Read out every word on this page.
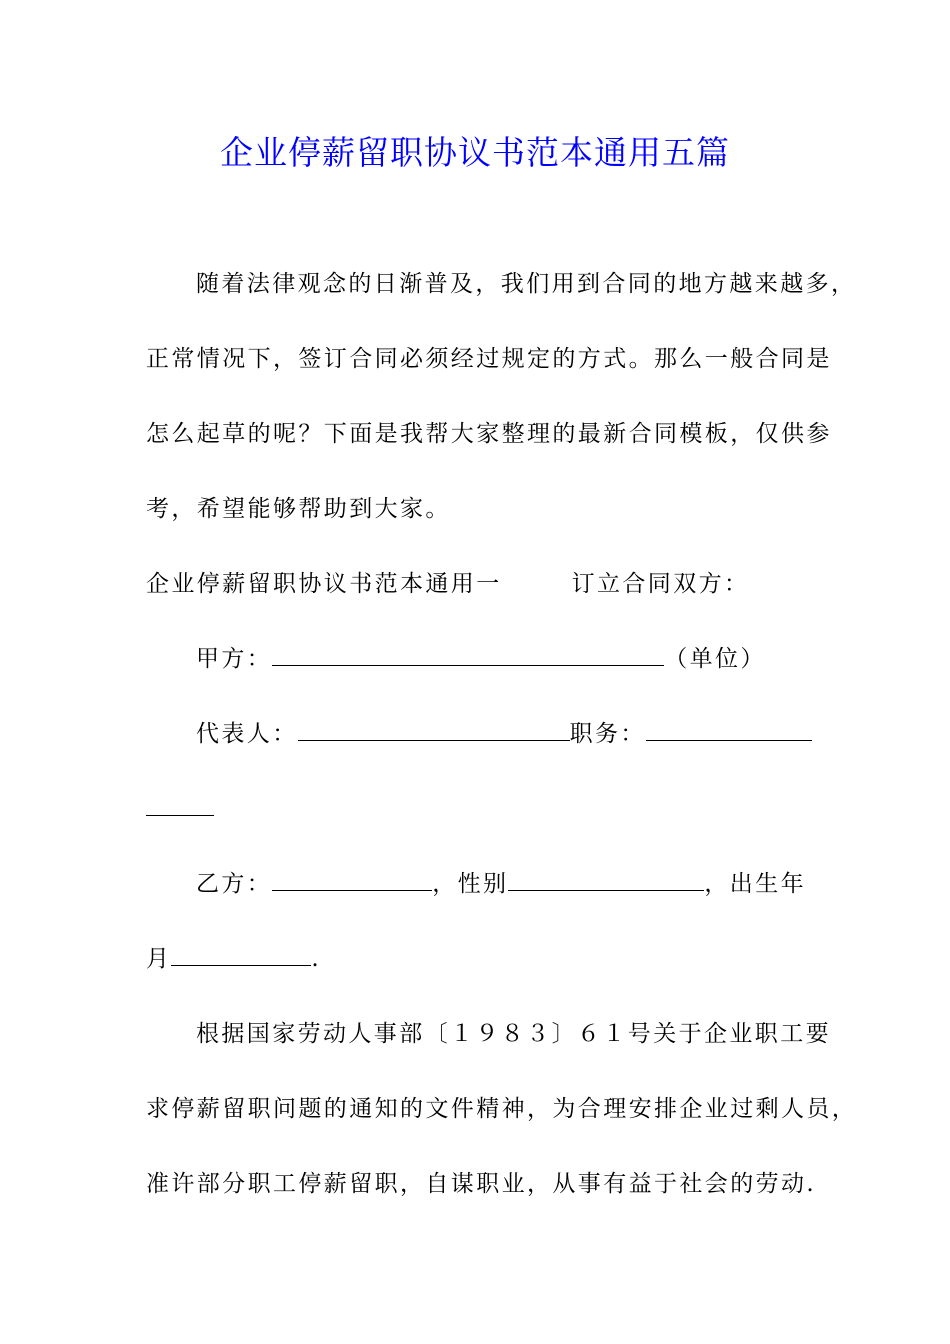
企业停薪留职协议书范本通用五篇
随着法律观念的日渐普及，我们用到合同的地方越来越多，
正常情况下，签订合同必须经过规定的方式。那么一般合同是
怎么起草的呢？下面是我帮大家整理的最新合同模板，仅供参
考，希望能够帮助到大家。
企业停薪留职协议书范本通用一	订立合同双方：
甲方：	（单位）
代表人：	职务：
乙方：	，性别	，出生年
月	.
根据国家劳动人事部〔１９８３〕６１号关于企业职工要
求停薪留职问题的通知的文件精神，为合理安排企业过剩人员，
准许部分职工停薪留职，自谋职业，从事有益于社会的劳动.
